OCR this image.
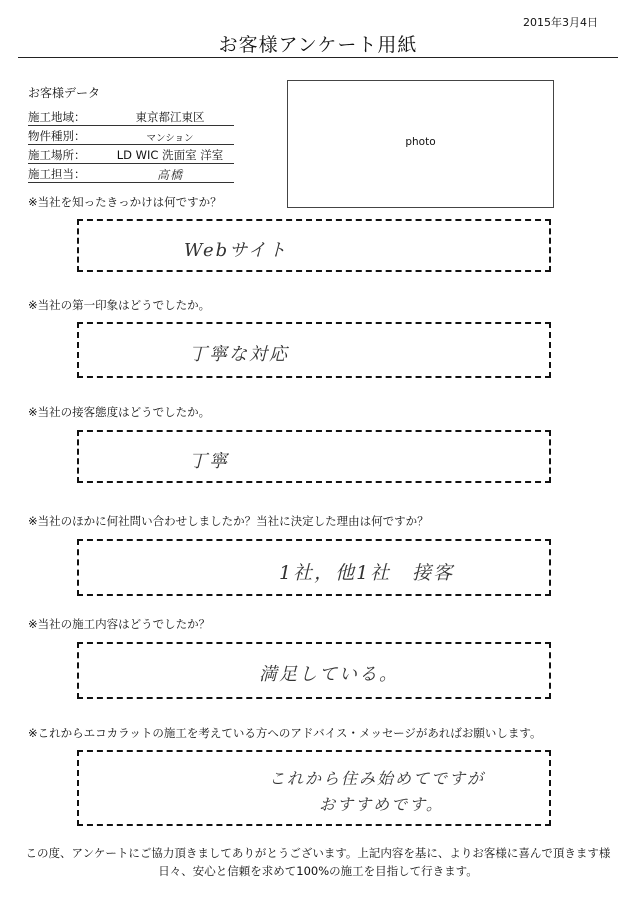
2015年3月4日
お客様アンケート用紙
お客様データ
施工地域：	東京都江東区
物件種別：	マンション
施工場所：	LD WIC 洗面室 洋室
施工担当：	高橋
photo
※当社を知ったきっかけは何ですか？
Webサイト
※当社の第一印象はどうでしたか。
丁寧な対応
※当社の接客態度はどうでしたか。
丁寧
※当社のほかに何社問い合わせしましたか？当社に決定した理由は何ですか？
1社，他1社　接客
※当社の施工内容はどうでしたか？
満足している。
※これからエコカラットの施工を考えている方へのアドバイス・メッセージがあればお願いします。
これから住み始めてですが
おすすめです。
この度、アンケートにご協力頂きましてありがとうございます。上記内容を基に、よりお客様に喜んで頂きます様
日々、安心と信頼を求めて100%の施工を目指して行きます。
